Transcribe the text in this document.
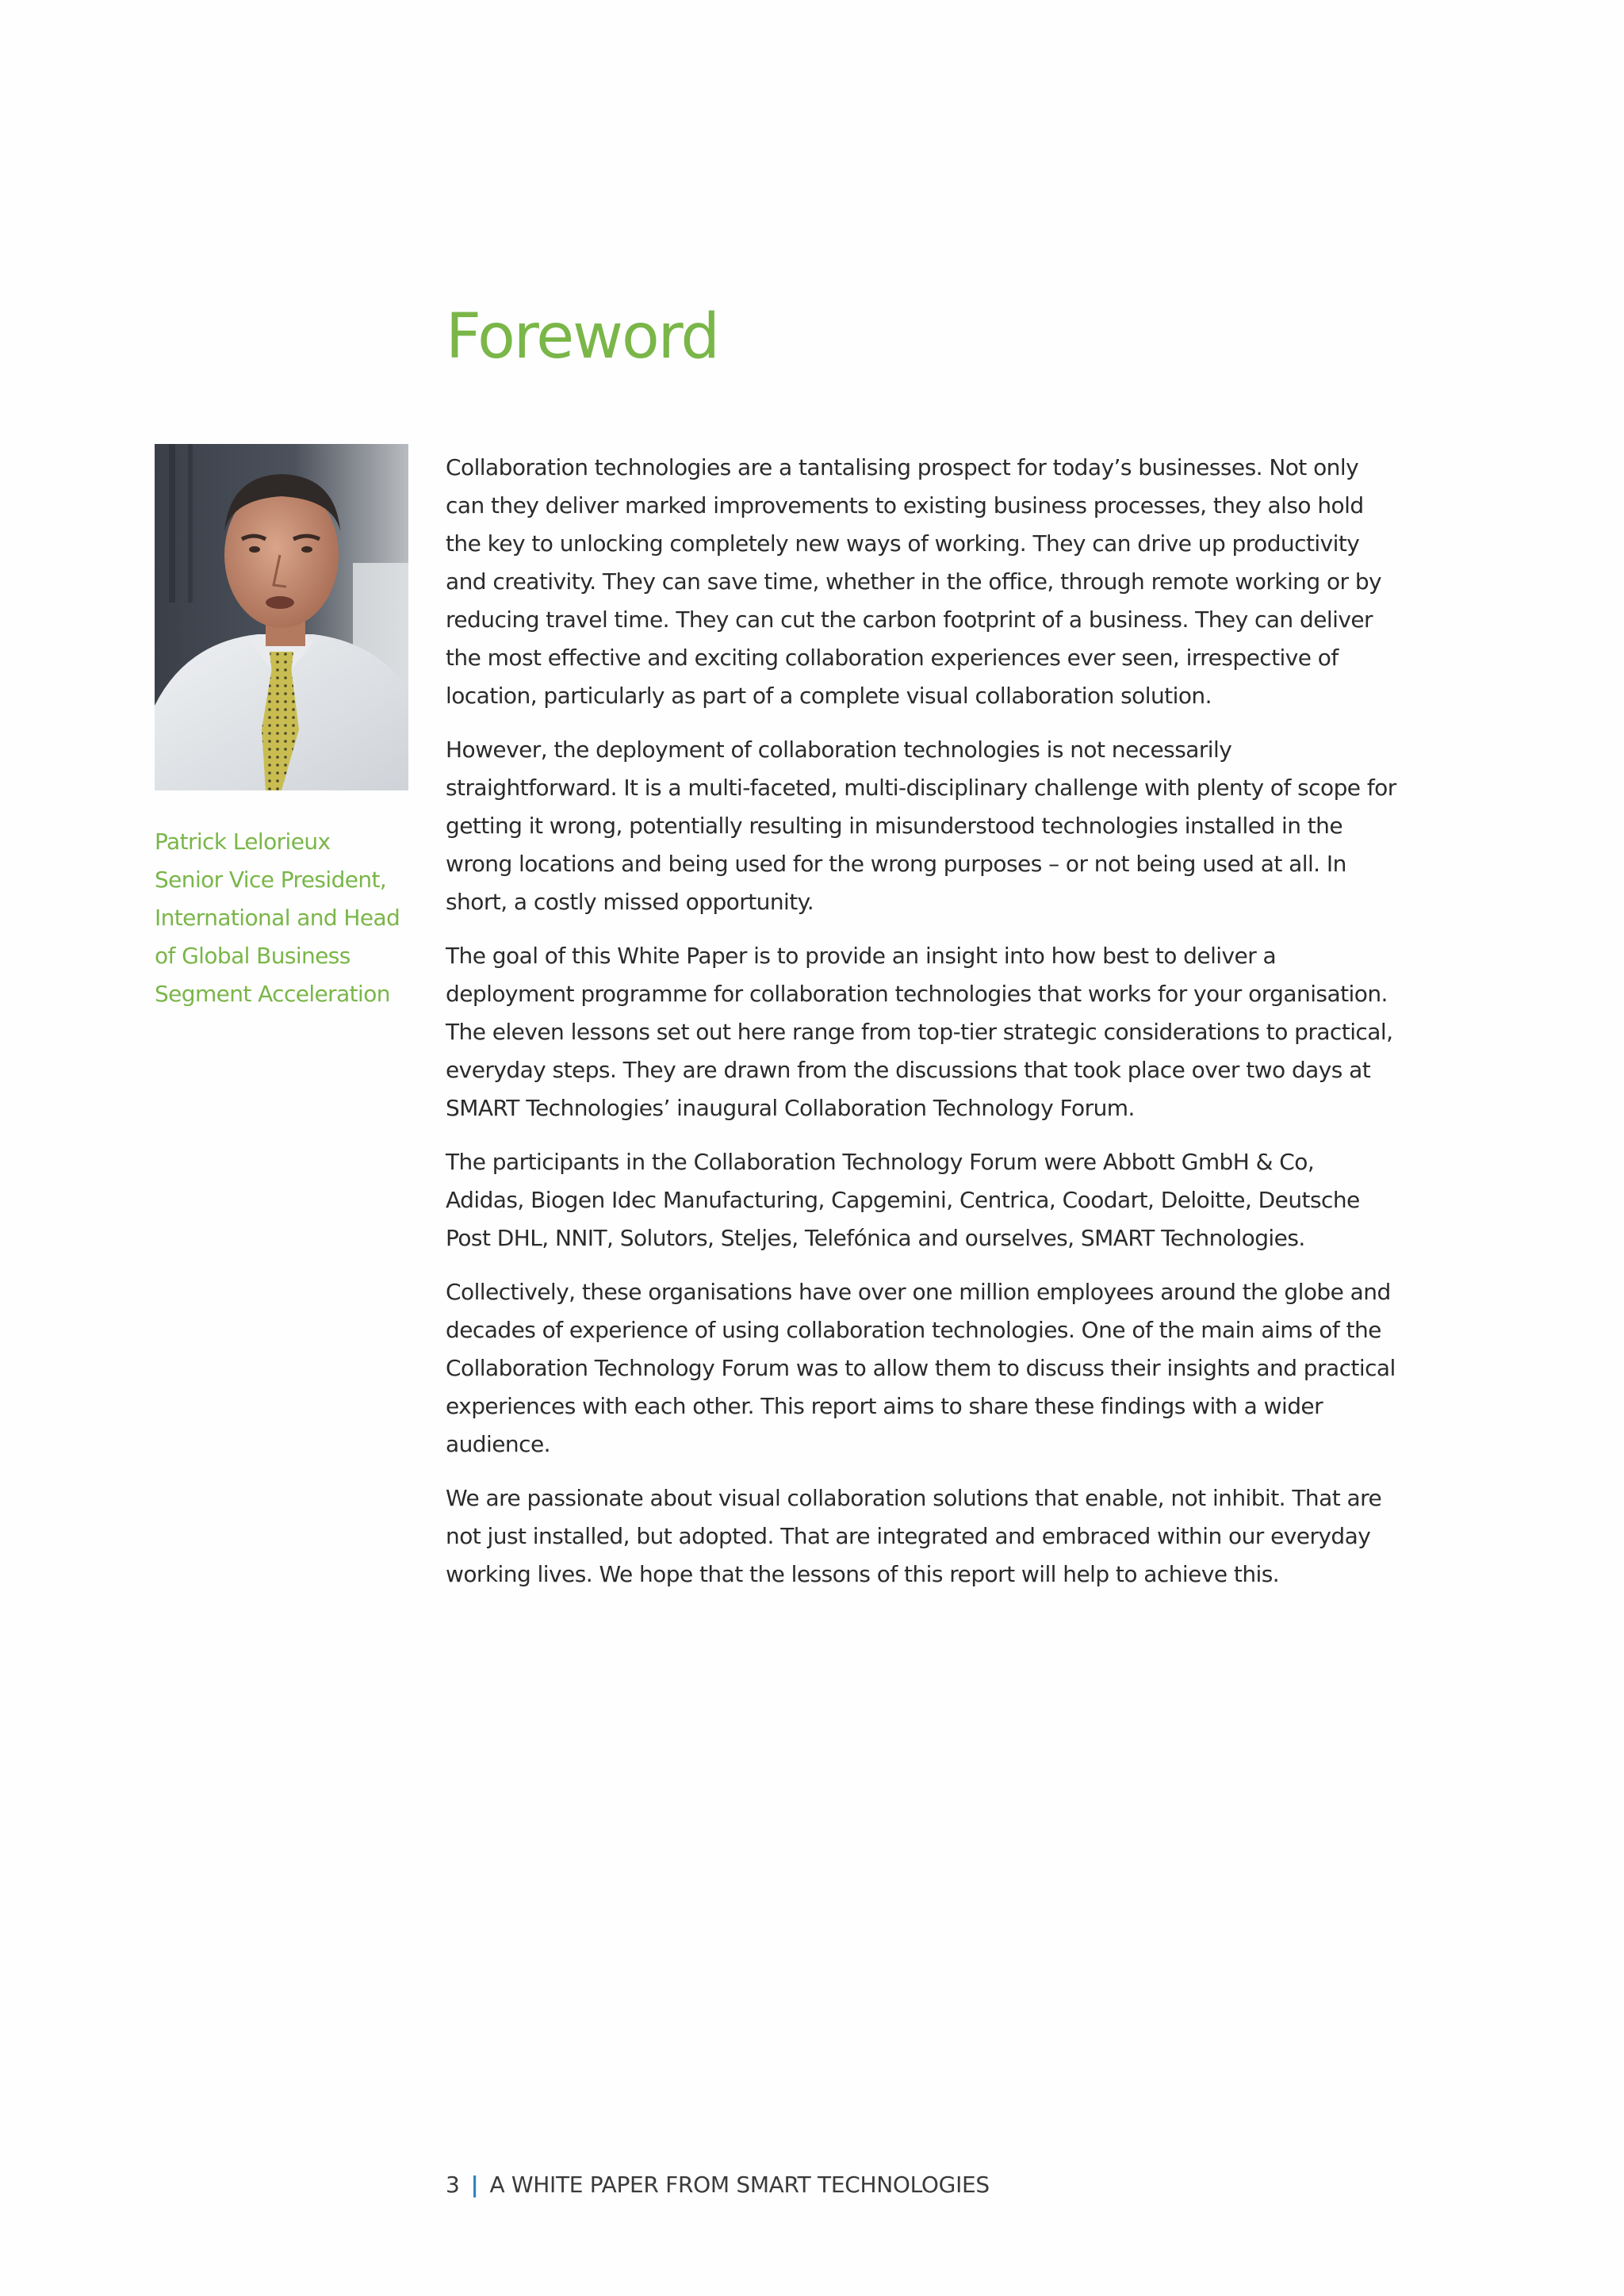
Foreword
Patrick Lelorieux
Senior Vice President,
International and Head
of Global Business
Segment Acceleration

Collaboration technologies are a tantalising prospect for today’s businesses. Not only can they deliver marked improvements to existing business processes, they also hold the key to unlocking completely new ways of working. They can drive up productivity and creativity. They can save time, whether in the office, through remote working or by reducing travel time. They can cut the carbon footprint of a business. They can deliver the most effective and exciting collaboration experiences ever seen, irrespective of location, particularly as part of a complete visual collaboration solution.

However, the deployment of collaboration technologies is not necessarily straightforward. It is a multi-faceted, multi-disciplinary challenge with plenty of scope for getting it wrong, potentially resulting in misunderstood technologies installed in the wrong locations and being used for the wrong purposes – or not being used at all. In short, a costly missed opportunity.

The goal of this White Paper is to provide an insight into how best to deliver a deployment programme for collaboration technologies that works for your organisation. The eleven lessons set out here range from top-tier strategic considerations to practical, everyday steps. They are drawn from the discussions that took place over two days at SMART Technologies’ inaugural Collaboration Technology Forum.

The participants in the Collaboration Technology Forum were Abbott GmbH & Co, Adidas, Biogen Idec Manufacturing, Capgemini, Centrica, Coodart, Deloitte, Deutsche Post DHL, NNIT, Solutors, Steljes, Telefónica and ourselves, SMART Technologies.

Collectively, these organisations have over one million employees around the globe and decades of experience of using collaboration technologies. One of the main aims of the Collaboration Technology Forum was to allow them to discuss their insights and practical experiences with each other. This report aims to share these findings with a wider audience.

We are passionate about visual collaboration solutions that enable, not inhibit. That are not just installed, but adopted. That are integrated and embraced within our everyday working lives. We hope that the lessons of this report will help to achieve this.

3 | A WHITE PAPER FROM SMART TECHNOLOGIES
